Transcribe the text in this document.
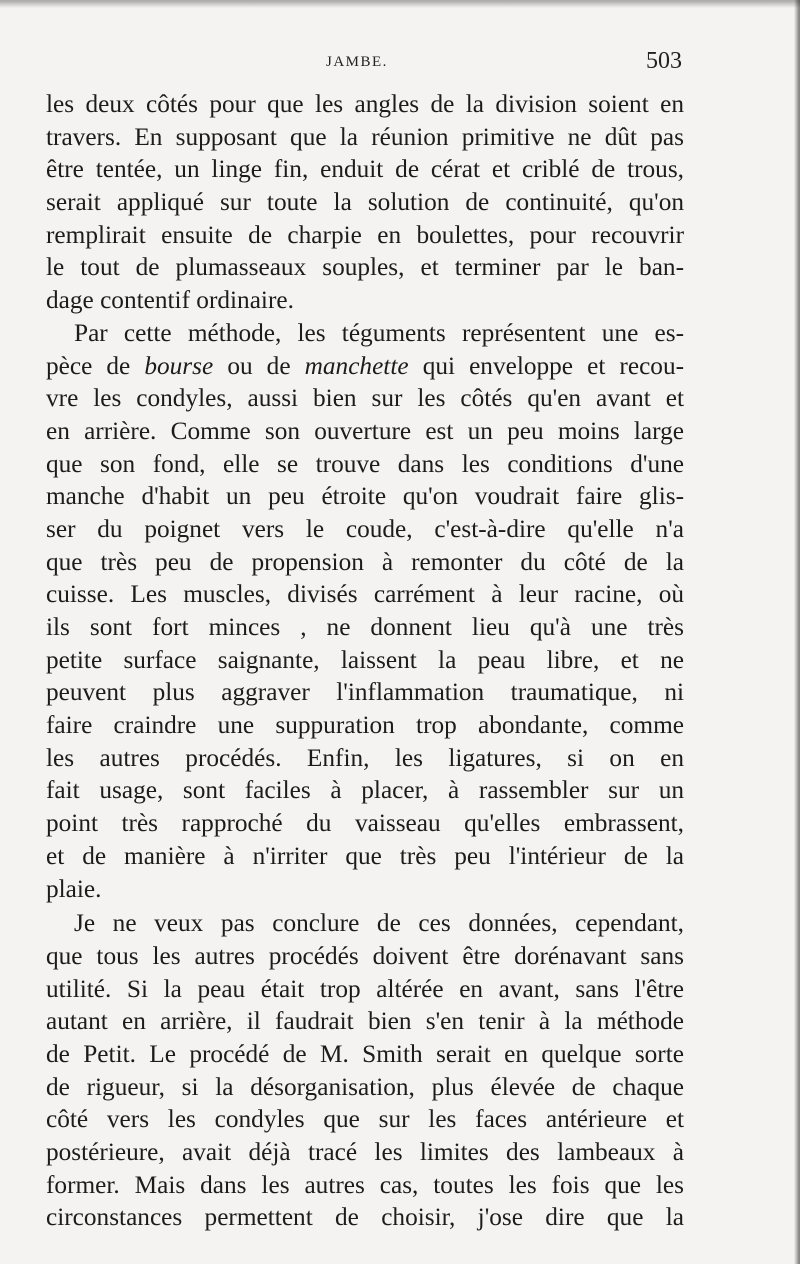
JAMBE.	503
les deux côtés pour que les angles de la division soient en
travers. En supposant que la réunion primitive ne dût pas
être tentée, un linge fin, enduit de cérat et criblé de trous,
serait appliqué sur toute la solution de continuité, qu'on
remplirait ensuite de charpie en boulettes, pour recouvrir
le tout de plumasseaux souples, et terminer par le ban-
dage contentif ordinaire.
Par cette méthode, les téguments représentent une es-
pèce de bourse ou de manchette qui enveloppe et recou-
vre les condyles, aussi bien sur les côtés qu'en avant et
en arrière. Comme son ouverture est un peu moins large
que son fond, elle se trouve dans les conditions d'une
manche d'habit un peu étroite qu'on voudrait faire glis-
ser du poignet vers le coude, c'est-à-dire qu'elle n'a
que très peu de propension à remonter du côté de la
cuisse. Les muscles, divisés carrément à leur racine, où
ils sont fort minces , ne donnent lieu qu'à une très
petite surface saignante, laissent la peau libre, et ne
peuvent plus aggraver l'inflammation traumatique, ni
faire craindre une suppuration trop abondante, comme
les autres procédés. Enfin, les ligatures, si on en
fait usage, sont faciles à placer, à rassembler sur un
point très rapproché du vaisseau qu'elles embrassent,
et de manière à n'irriter que très peu l'intérieur de la
plaie.
Je ne veux pas conclure de ces données, cependant,
que tous les autres procédés doivent être dorénavant sans
utilité. Si la peau était trop altérée en avant, sans l'être
autant en arrière, il faudrait bien s'en tenir à la méthode
de Petit. Le procédé de M. Smith serait en quelque sorte
de rigueur, si la désorganisation, plus élevée de chaque
côté vers les condyles que sur les faces antérieure et
postérieure, avait déjà tracé les limites des lambeaux à
former. Mais dans les autres cas, toutes les fois que les
circonstances permettent de choisir, j'ose dire que la
